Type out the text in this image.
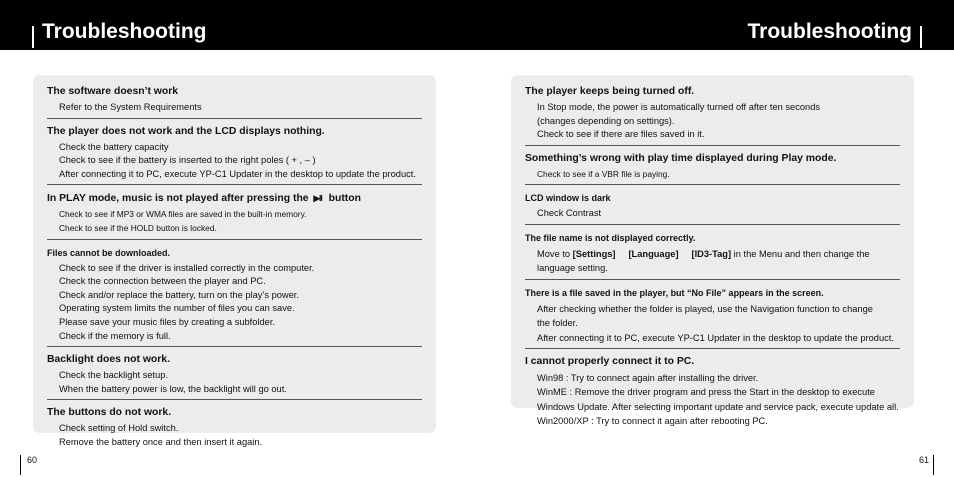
Troubleshooting	Troubleshooting
The software doesn’t work
Refer to the System Requirements
The player does not work and the LCD displays nothing.
Check the battery capacity
Check to see if the battery is inserted to the right poles ( + , – )
After connecting it to PC, execute YP-C1 Updater in the desktop to update the product.
In PLAY mode, music is not played after pressing the ▶II button
Check to see if MP3 or WMA files are saved in the built-in memory.
Check to see if the HOLD button is locked.
Files cannot be downloaded.
Check to see if the driver is installed correctly in the computer.
Check the connection between the player and PC.
Check and/or replace the battery, turn on the play’s power.
Operating system limits the number of files you can save.
Please save your music files by creating a subfolder.
Check if the memory is full.
Backlight does not work.
Check the backlight setup.
When the battery power is low, the backlight will go out.
The buttons do not work.
Check setting of Hold switch.
Remove the battery once and then insert it again.
The player keeps being turned off.
In Stop mode, the power is automatically turned off after ten seconds
(changes depending on settings).
Check to see if there are files saved in it.
Something’s wrong with play time displayed during Play mode.
Check to see if a VBR file is paying.
LCD window is dark
Check Contrast
The file name is not displayed correctly.
Move to [Settings] [Language] [ID3-Tag] in the Menu and then change the
language setting.
There is a file saved in the player, but “No File” appears in the screen.
After checking whether the folder is played, use the Navigation function to change
the folder.
After connecting it to PC, execute YP-C1 Updater in the desktop to update the product.
I cannot properly connect it to PC.
Win98 : Try to connect again after installing the driver.
WinME : Remove the driver program and press the Start in the desktop to execute
Windows Update. After selecting important update and service pack, execute update all.
Win2000/XP : Try to connect it again after rebooting PC.
60	61
